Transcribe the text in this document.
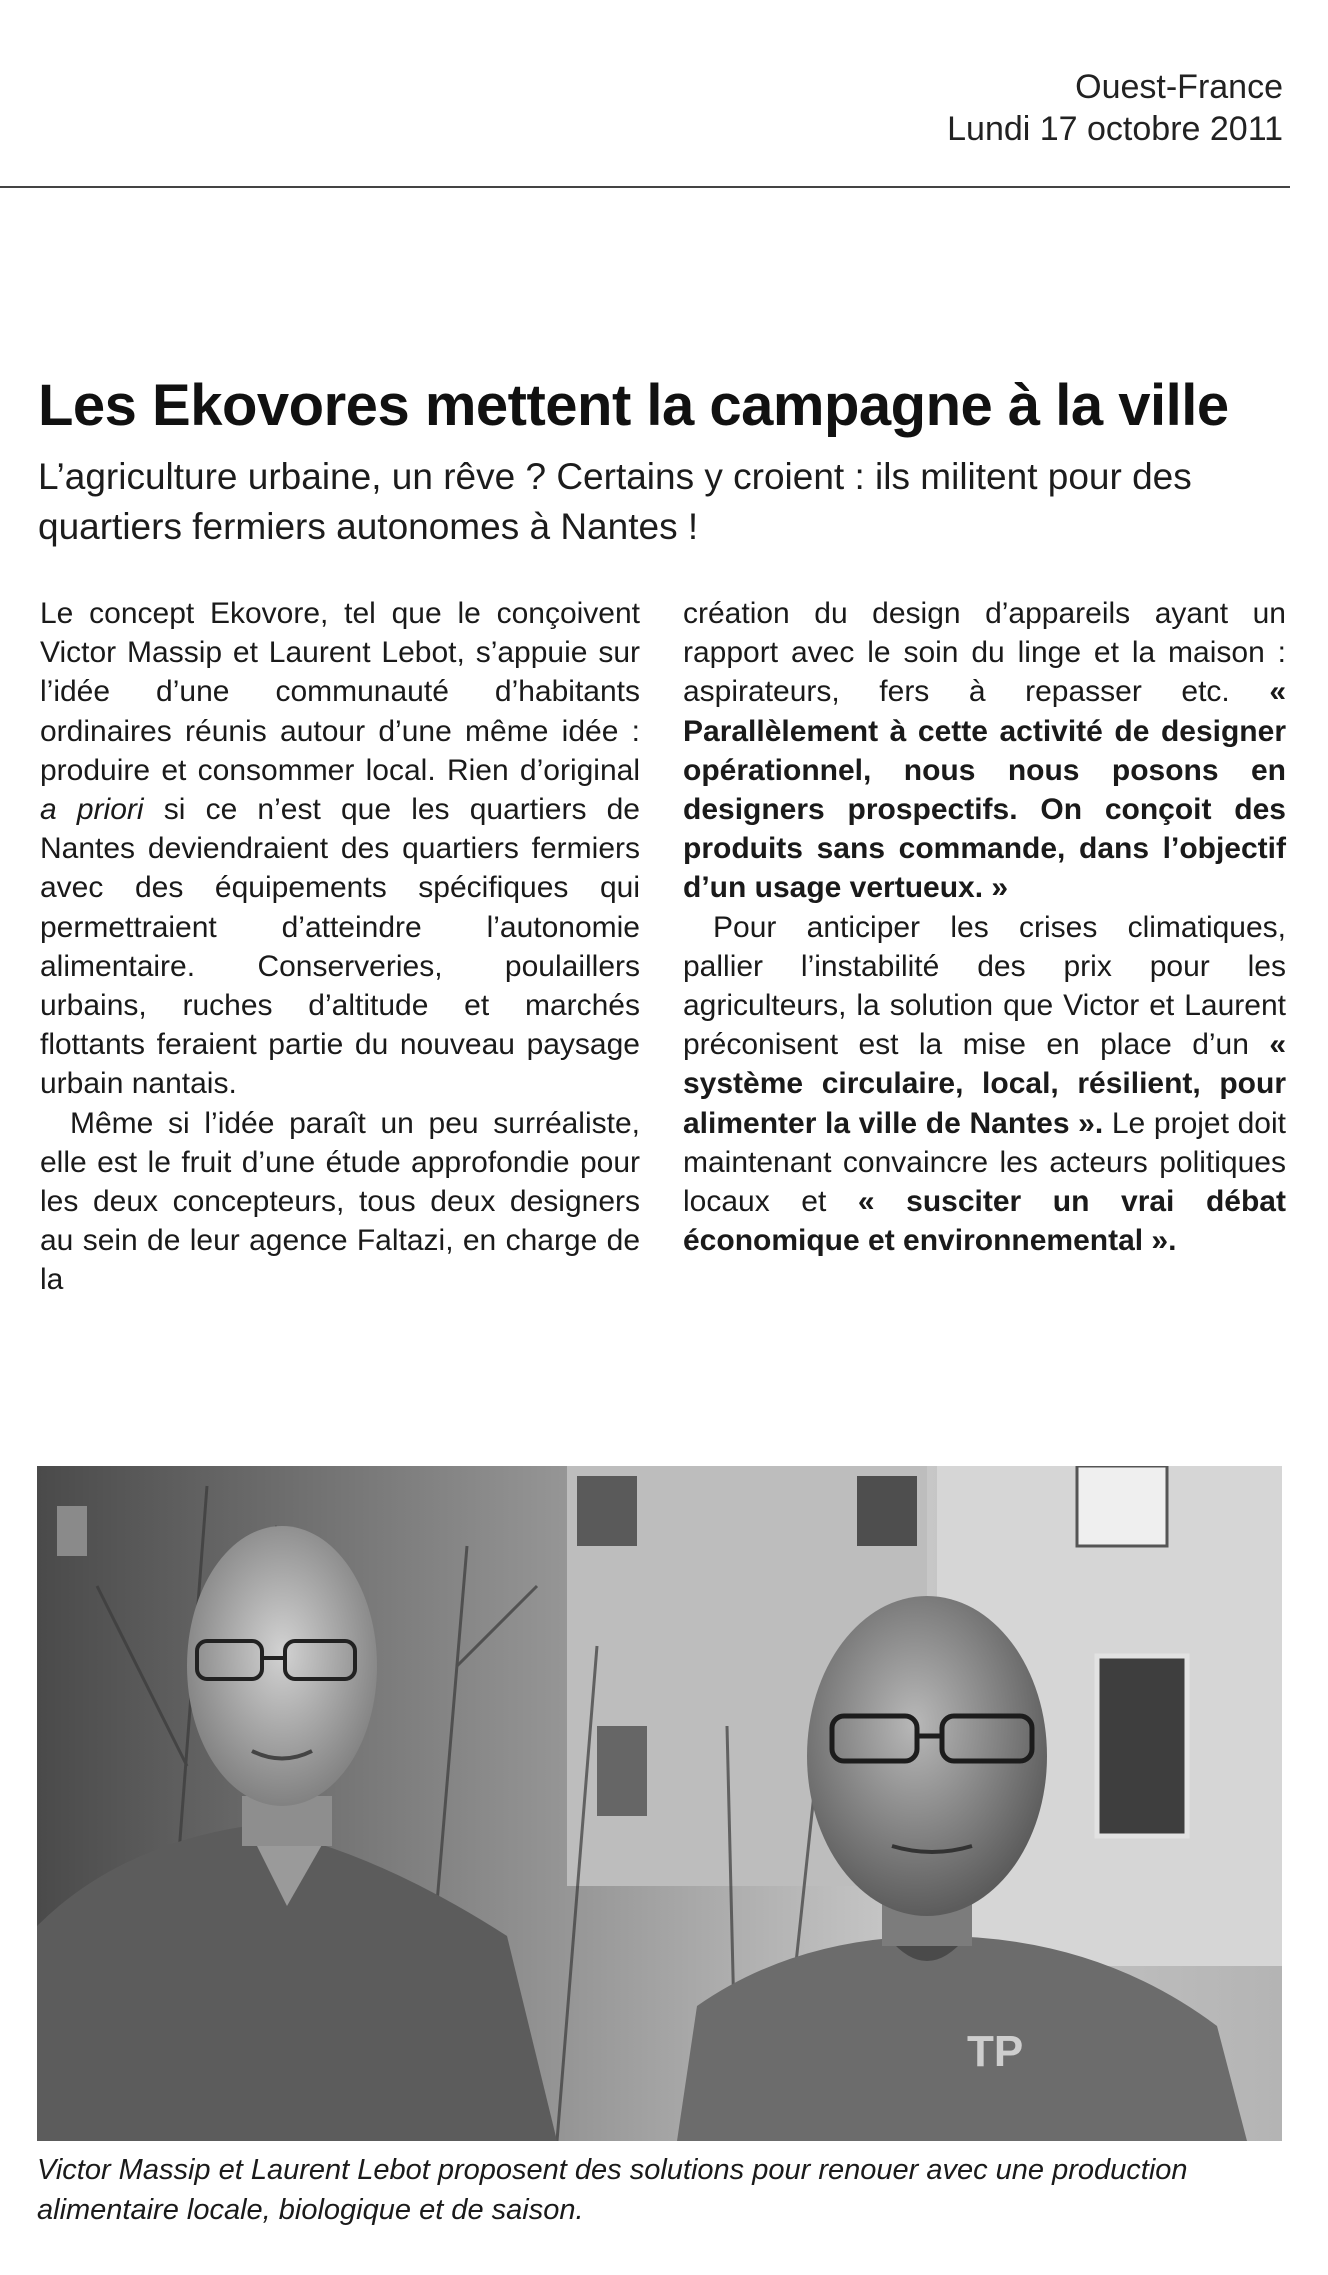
Ouest-France
Lundi 17 octobre 2011
Les Ekovores mettent la campagne à la ville
L’agriculture urbaine, un rêve ? Certains y croient : ils militent pour des quartiers fermiers autonomes à Nantes !

Le concept Ekovore, tel que le conçoivent Victor Massip et Laurent Lebot, s’appuie sur l’idée d’une communauté d’habitants ordinaires réunis autour d’une même idée : produire et consommer local. Rien d’original a priori si ce n’est que les quartiers de Nantes deviendraient des quartiers fermiers avec des équipements spécifiques qui permettraient d’atteindre l’autonomie alimentaire. Conserveries, poulaillers urbains, ruches d’altitude et marchés flottants feraient partie du nouveau paysage urbain nantais.

Même si l’idée paraît un peu surréaliste, elle est le fruit d’une étude approfondie pour les deux concepteurs, tous deux designers au sein de leur agence Faltazi, en charge de la

création du design d’appareils ayant un rapport avec le soin du linge et la maison : aspirateurs, fers à repasser etc. « Parallèlement à cette activité de designer opérationnel, nous nous posons en designers prospectifs. On conçoit des produits sans commande, dans l’objectif d’un usage vertueux. »

Pour anticiper les crises climatiques, pallier l’instabilité des prix pour les agriculteurs, la solution que Victor et Laurent préconisent est la mise en place d’un « système circulaire, local, résilient, pour alimenter la ville de Nantes ». Le projet doit maintenant convaincre les acteurs politiques locaux et « susciter un vrai débat économique et environnemental ».

TP
Victor Massip et Laurent Lebot proposent des solutions pour renouer avec une production alimentaire locale, biologique et de saison.
